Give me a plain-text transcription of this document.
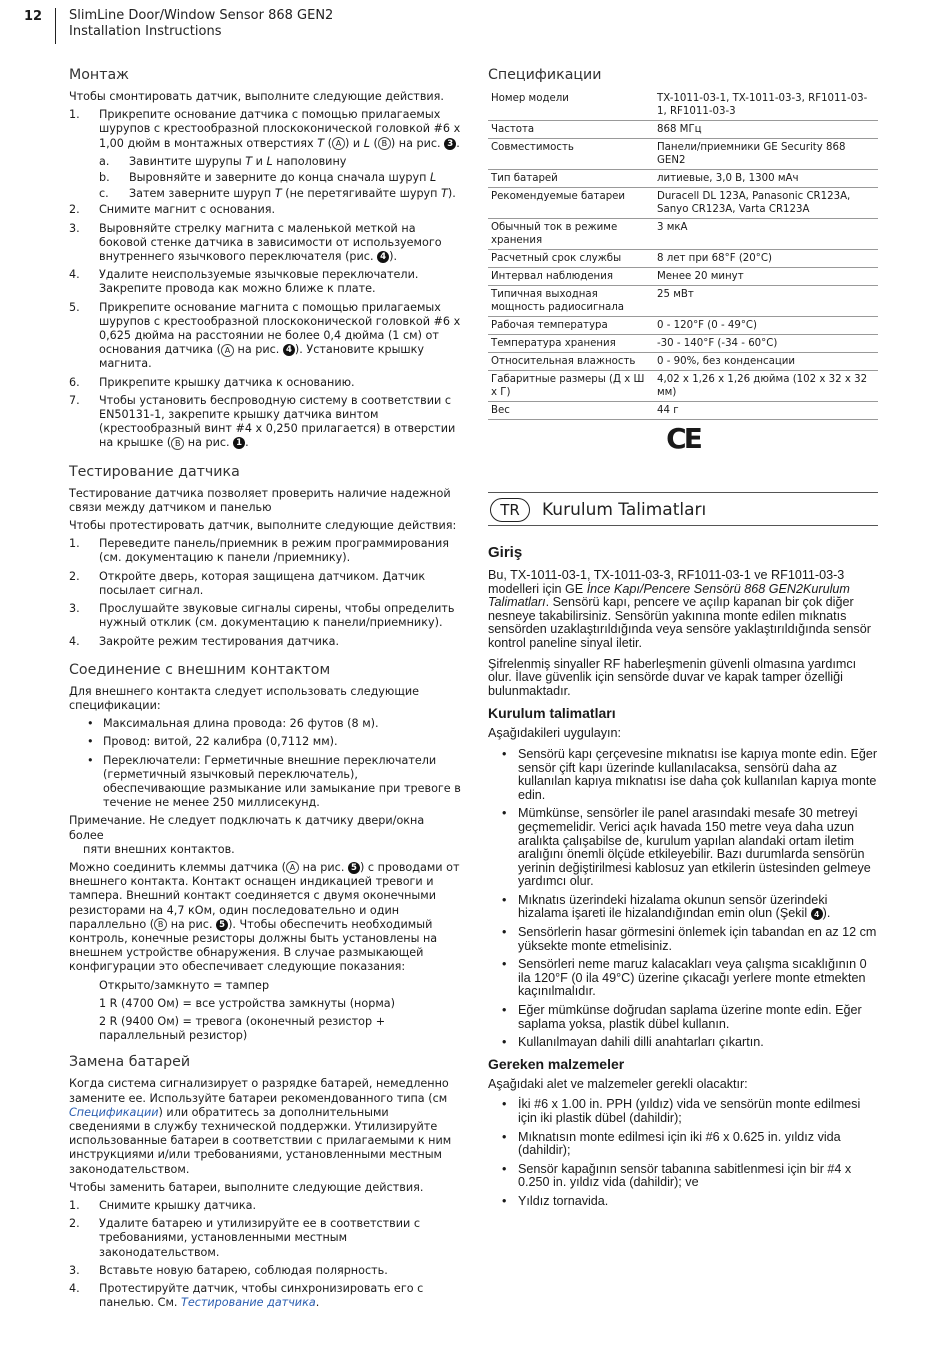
12 SlimLine Door/Window Sensor 868 GEN2
Installation Instructions
Монтаж

Чтобы смонтировать датчик, выполните следующие действия.

1.	Прикрепите основание датчика с помощью прилагаемых шурупов с крестообразной плоскоконической головкой #6 x 1,00 дюйм в монтажных отверстиях T ( A ) и L ( B ) на рис. 3 .
a.	Завинтите шурупы T и L наполовину
b.	Выровняйте и заверните до конца сначала шуруп L
c.	Затем заверните шуруп T (не перетягивайте шуруп T).
2.	Снимите магнит с основания.
3.	Выровняйте стрелку магнита с маленькой меткой на боковой стенке датчика в зависимости от используемого внутреннего язычкового переключателя (рис. 4 ).
4.	Удалите неиспользуемые язычковые переключатели. Закрепите провода как можно ближе к плате.
5.	Прикрепите основание магнита с помощью прилагаемых шурупов с крестообразной плоскоконической головкой #6 x 0,625 дюйма на расстоянии не более 0,4 дюйма (1 см) от основания датчика ( A на рис. 4 ). Установите крышку магнита.
6.	Прикрепите крышку датчика к основанию.
7.	Чтобы установить беспроводную систему в соответствии с EN50131-1, закрепите крышку датчика винтом (крестообразный винт #4 x 0,250 прилагается) в отверстии на крышке ( B на рис. 1 .
Тестирование датчика

Тестирование датчика позволяет проверить наличие надежной связи между датчиком и панелью

Чтобы протестировать датчик, выполните следующие действия:

1.	Переведите панель/приемник в режим программирования (см. документацию к панели /приемнику).
2.	Откройте дверь, которая защищена датчиком. Датчик посылает сигнал.
3.	Прослушайте звуковые сигналы сирены, чтобы определить нужный отклик (см. документацию к панели/приемнику).
4.	Закройте режим тестирования датчика.
Соединение с внешним контактом

Для внешнего контакта следует использовать следующие спецификации:

• Максимальная длина провода: 26 футов (8 м).
• Провод: витой, 22 калибра (0,7112 мм).
• Переключатели: Герметичные внешние переключатели (герметичный язычковый переключатель), обеспечивающие размыкание или замыкание при тревоге в течение не менее 250 миллисекунд.
Примечание. Не следует подключать к датчику двери/окна более
пяти внешних контактов.

Можно соединить клеммы датчика ( A на рис. 5 ) с проводами от внешнего контакта. Контакт оснащен индикацией тревоги и тампера. Внешний контакт соединяется с двумя оконечными резисторами на 4,7 кОм, один последовательно и один параллельно ( B на рис. 5 ). Чтобы обеспечить необходимый контроль, конечные резисторы должны быть установлены на внешнем устройстве обнаружения. В случае размыкающей конфигурации это обеспечивает следующие показания:

Открыто/замкнуто = тампер
1 R (4700 Ом) = все устройства замкнуты (норма)
2 R (9400 Ом) = тревога (оконечный резистор + параллельный резистор)
Замена батарей

Когда система сигнализирует о разрядке батарей, немедленно замените ее. Используйте батареи рекомендованного типа (см Спецификации) или обратитесь за дополнительными сведениями в службу технической поддержки. Утилизируйте использованные батареи в соответствии с прилагаемыми к ним инструкциями и/или требованиями, установленными местным законодательством.

Чтобы заменить батареи, выполните следующие действия.

1.	Снимите крышку датчика.
2.	Удалите батарею и утилизируйте ее в соответствии с требованиями, установленными местным законодательством.
3.	Вставьте новую батарею, соблюдая полярность.
4.	Протестируйте датчик, чтобы синхронизировать его с панелью. См. Тестирование датчика.
Спецификации
Номер модели	TX-1011-03-1, TX-1011-03-3, RF1011-03-1, RF1011-03-3
Частота	868 МГц
Совместимость	Панели/приемники GE Security 868 GEN2
Тип батарей	литиевые, 3,0 В, 1300 мАч
Рекомендуемые батареи	Duracell DL 123A, Panasonic CR123A, Sanyo CR123A, Varta CR123A
Обычный ток в режиме хранения	3 мкА
Расчетный срок службы	8 лет при 68°F (20°C)
Интервал наблюдения	Менее 20 минут
Типичная выходная мощность радиосигнала	25 мВт
Рабочая температура	0 - 120°F (0 - 49°C)
Температура хранения	-30 - 140°F (-34 - 60°C)
Относительная влажность	0 - 90%, без конденсации
Габаритные размеры (Д x Ш x Г)	4,02 x 1,26 x 1,26 дюйма (102 x 32 x 32 мм)
Вес	44 г
CE
TR	Kurulum Talimatları
Giriş

Bu, TX-1011-03-1, TX-1011-03-3, RF1011-03-1 ve RF1011-03-3 modelleri için GE İnce Kapı/Pencere Sensörü 868 GEN2Kurulum Talimatları. Sensörü kapı, pencere ve açılıp kapanan bir çok diğer nesneye takabilirsiniz. Sensörün yakınına monte edilen mıknatıs sensörden uzaklaştırıldığında veya sensöre yaklaştırıldığında sensör kontrol paneline sinyal iletir.

Şifrelenmiş sinyaller RF haberleşmenin güvenli olmasına yardımcı olur. İlave güvenlik için sensörde duvar ve kapak tamper özelliği bulunmaktadır.

Kurulum talimatları

Aşağıdakileri uygulayın:

• Sensörü kapı çerçevesine mıknatısı ise kapıya monte edin. Eğer sensör çift kapı üzerinde kullanılacaksa, sensörü daha az kullanılan kapıya mıknatısı ise daha çok kullanılan kapıya monte edin.
• Mümkünse, sensörler ile panel arasındaki mesafe 30 metreyi geçmemelidir. Verici açık havada 150 metre veya daha uzun aralıkta çalışabilse de, kurulum yapılan alandaki ortam iletim aralığını önemli ölçüde etkileyebilir. Bazı durumlarda sensörün yerinin değiştirilmesi kablosuz yan etkilerin üstesinden gelmeye yardımcı olur.
• Mıknatıs üzerindeki hizalama okunun sensör üzerindeki hizalama işareti ile hizalandığından emin olun (Şekil 4 ).
• Sensörlerin hasar görmesini önlemek için tabandan en az 12 cm yüksekte monte etmelisiniz.
• Sensörleri neme maruz kalacakları veya çalışma sıcaklığının 0 ila 120°F (0 ila 49°C) üzerine çıkacağı yerlere monte etmekten kaçınılmalıdır.
• Eğer mümkünse doğrudan saplama üzerine monte edin. Eğer saplama yoksa, plastik dübel kullanın.
• Kullanılmayan dahili dilli anahtarları çıkartın.
Gereken malzemeler

Aşağıdaki alet ve malzemeler gerekli olacaktır:

• İki #6 x 1.00 in. PPH (yıldız) vida ve sensörün monte edilmesi için iki plastik dübel (dahildir);
• Mıknatısın monte edilmesi için iki #6 x 0.625 in. yıldız vida (dahildir);
• Sensör kapağının sensör tabanına sabitlenmesi için bir #4 x 0.250 in. yıldız vida (dahildir); ve
• Yıldız tornavida.
